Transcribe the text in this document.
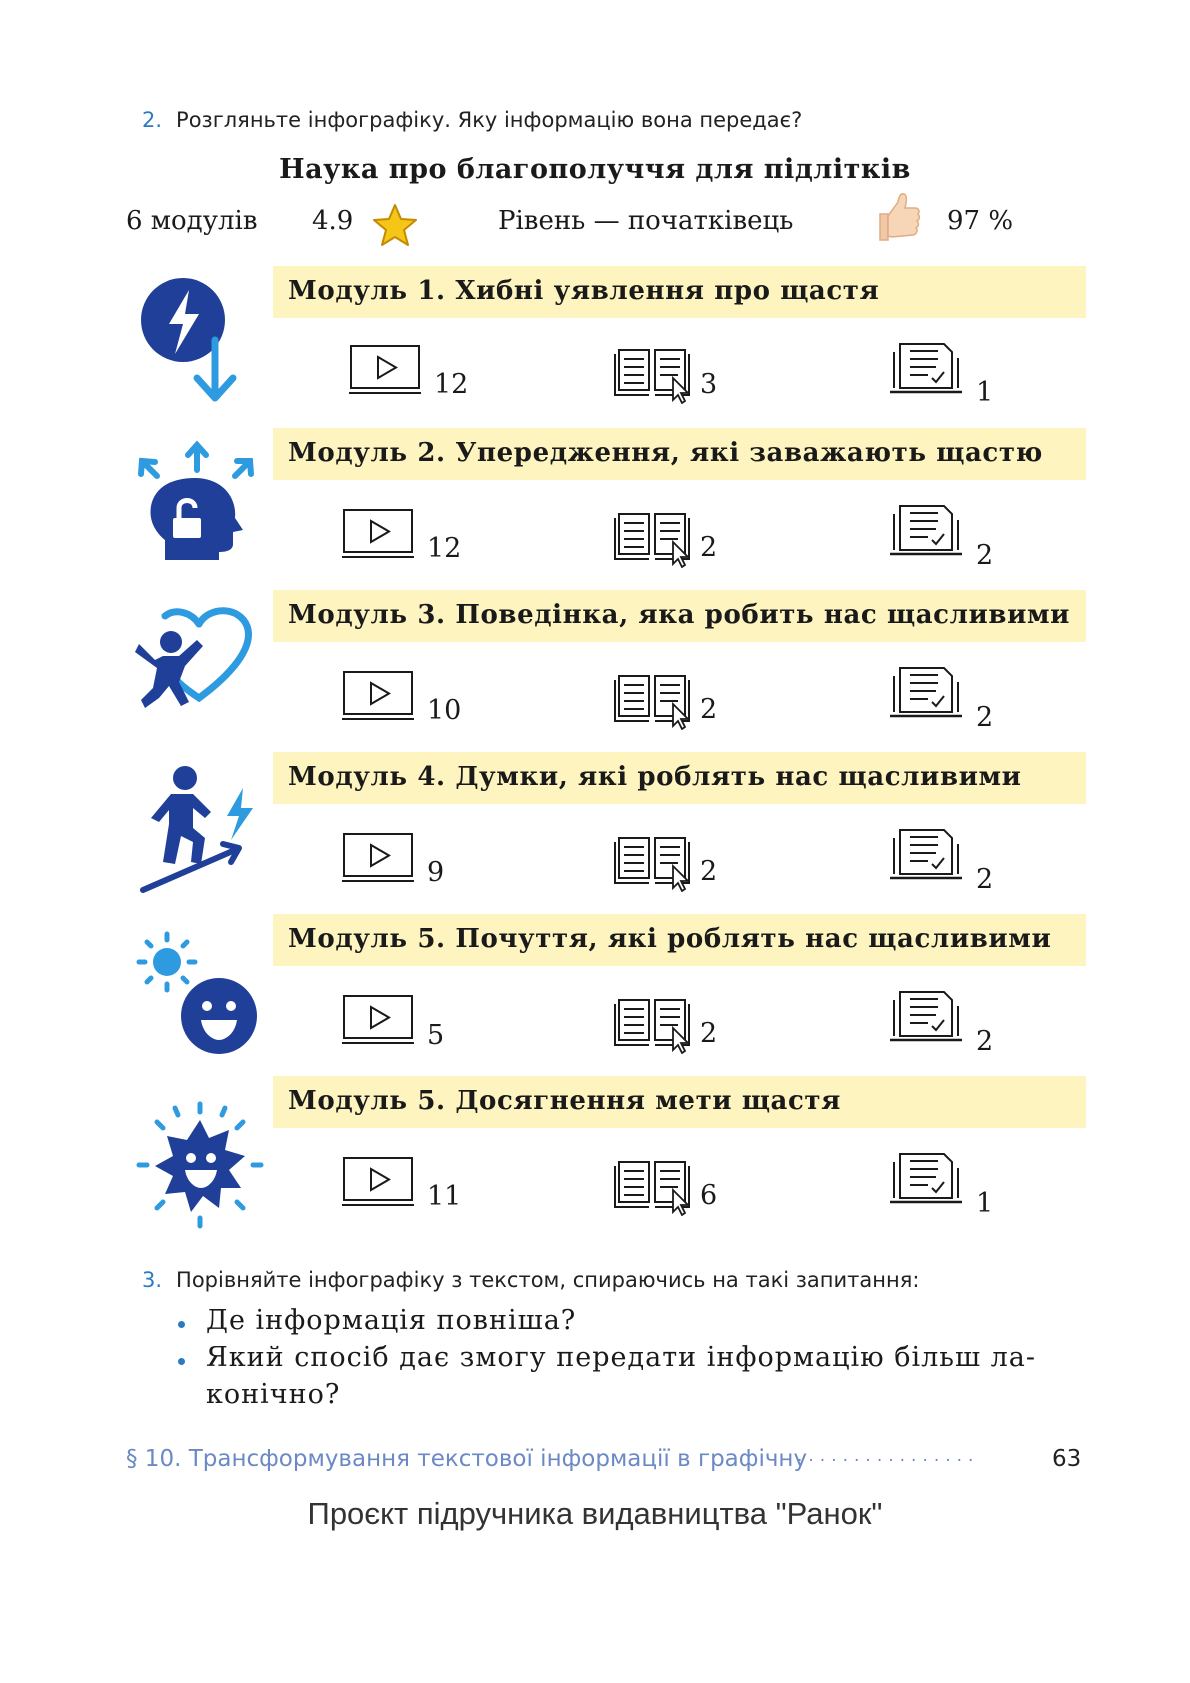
2. Розгляньте інфографіку. Яку інформацію вона передає?
Наука про благополуччя для підлітків
6 модулів 4.9	Рівень — початківець	97 %
Модуль 1. Хибні уявлення про щастя
12	3	1
Модуль 2. Упередження, які заважають щастю
12	2	2
Модуль 3. Поведінка, яка робить нас щасливими
10	2	2
Модуль 4. Думки, які роблять нас щасливими
9	2	2
Модуль 5. Почуття, які роблять нас щасливими
5	2	2
Модуль 5. Досягнення мети щастя
11	6	1
3. Порівняйте інфографіку з текстом, спираючись на такі запитання:
Де інформація повніша?
Який спосіб дає змогу передати інформацію більш ла-
конічно?
§ 10. Трансформування текстової інформації в графічну
················	63
Проєкт підручника видавництва "Ранок"
